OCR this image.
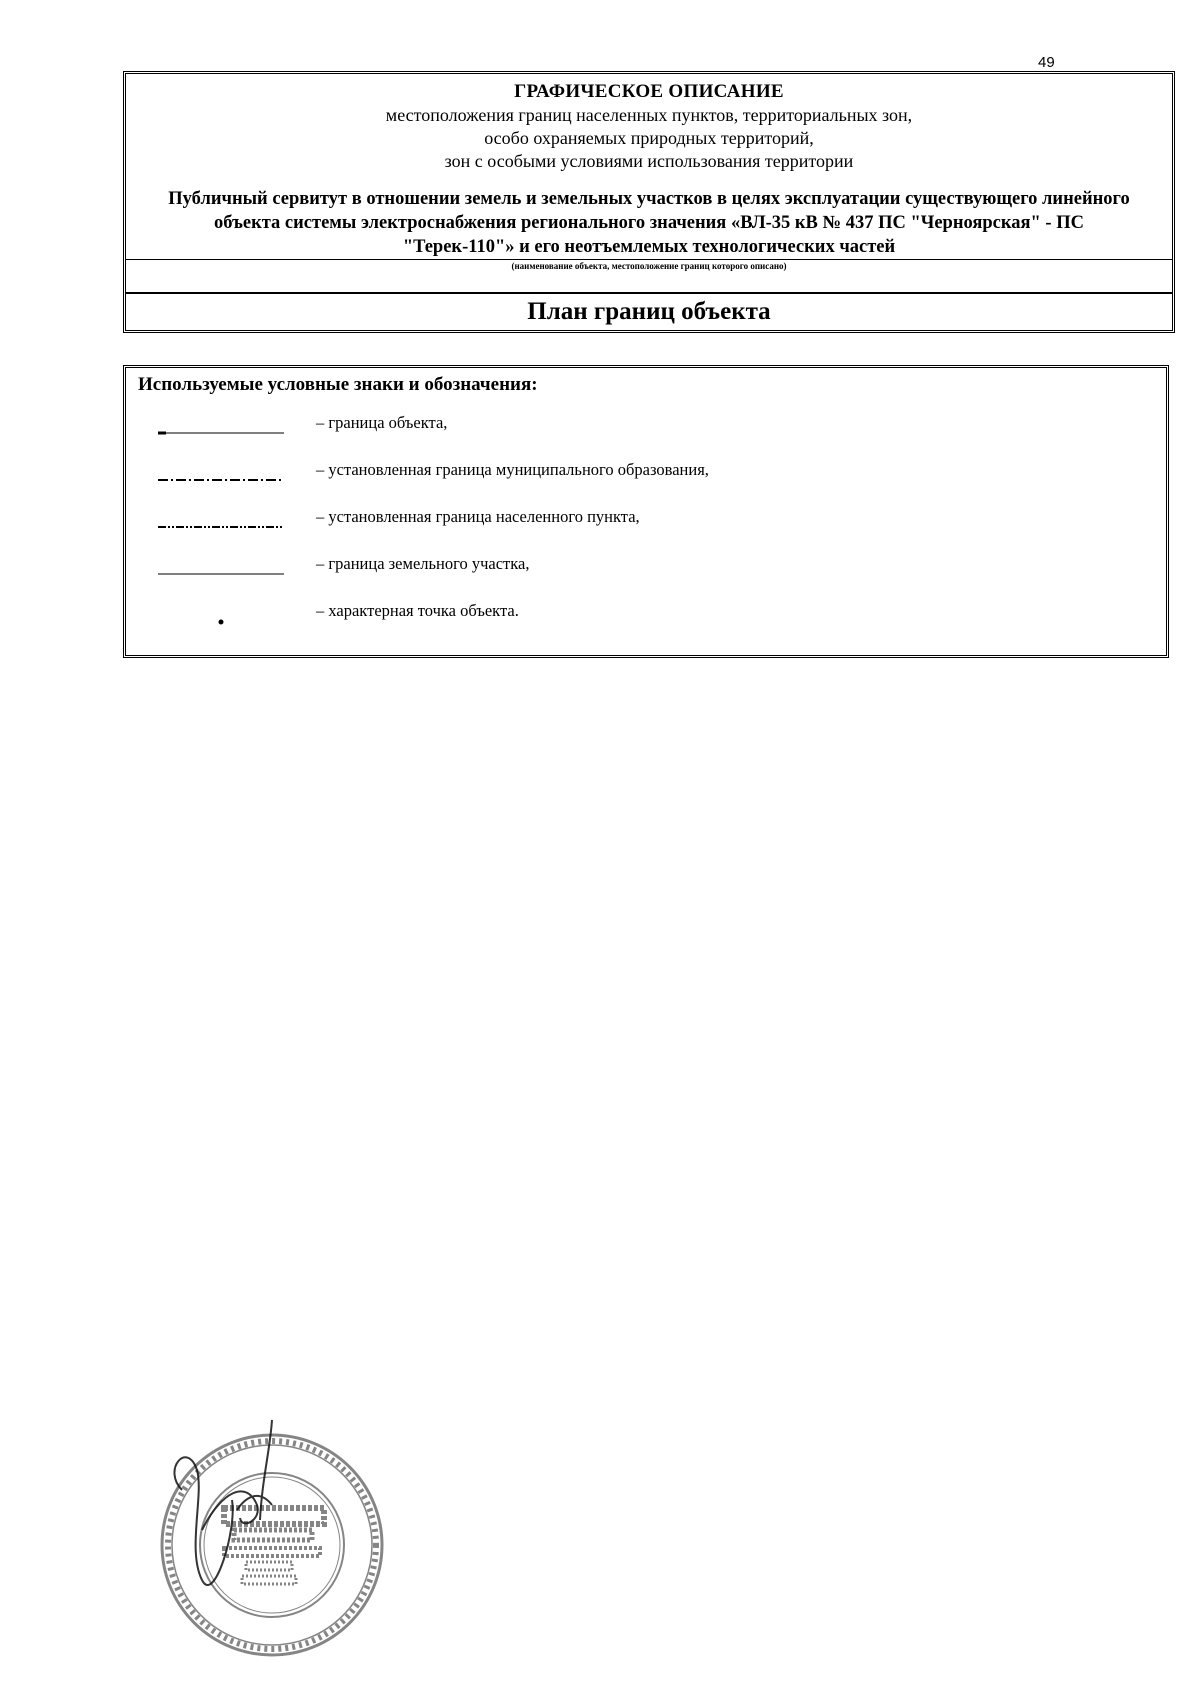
49
ГРАФИЧЕСКОЕ ОПИСАНИЕ
местоположения границ населенных пунктов, территориальных зон,
особо охраняемых природных территорий,
зон с особыми условиями использования территории
Публичный сервитут в отношении земель и земельных участков в целях эксплуатации существующего линейного объекта системы электроснабжения регионального значения «ВЛ-35 кВ № 437 ПС "Черноярская" - ПС "Терек-110"» и его неотъемлемых технологических частей
(наименование объекта, местоположение границ которого описано)
План границ объекта
Используемые условные знаки и обозначения:
– граница объекта,
– установленная граница муниципального образования,
– установленная граница населенного пункта,
– граница земельного участка,
– характерная точка объекта.
